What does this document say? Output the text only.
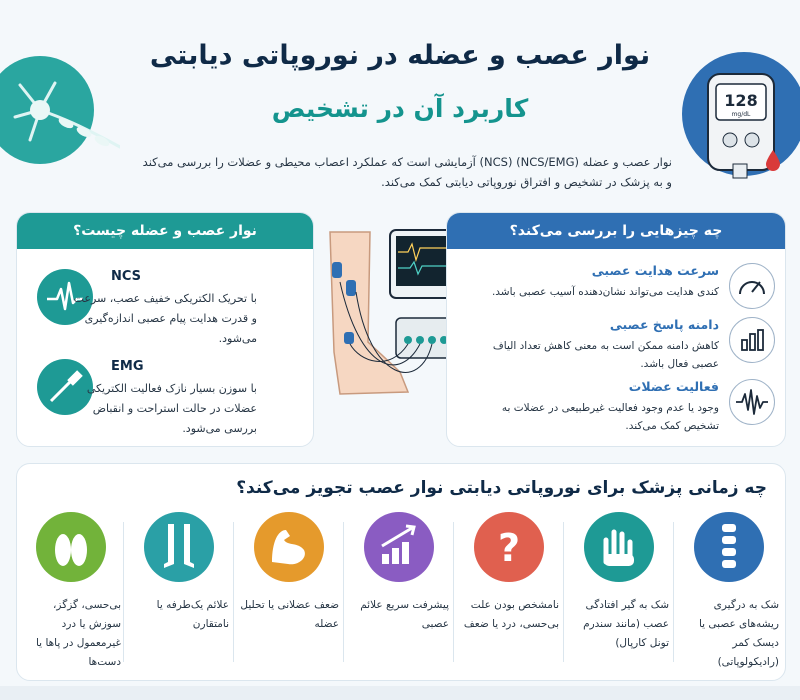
128
mg/dL
نوار عصب و عضله در نوروپاتی دیابتی
کاربرد آن در تشخیص
نوار عصب و عضله (NCS/EMG) (NCS) آزمایشی است که عملکرد اعصاب محیطی و عضلات را بررسی می‌کند
و به پزشک در تشخیص و افتراق نوروپاتی دیابتی کمک می‌کند.
نوار عصب و عضله چیست؟
NCS
با تحریک الکتریکی خفیف عصب، سرعت و قدرت هدایت پیام عصبی اندازه‌گیری می‌شود.
EMG
با سوزن بسیار نازک فعالیت الکتریکی عضلات در حالت استراحت و انقباض بررسی می‌شود.
چه چیزهایی را بررسی می‌کند؟
سرعت هدایت عصبی
کندی هدایت می‌تواند نشان‌دهنده آسیب عصبی باشد.
دامنه پاسخ عصبی
کاهش دامنه ممکن است به معنی کاهش تعداد الیاف عصبی فعال باشد.
فعالیت عضلات
وجود یا عدم وجود فعالیت غیرطبیعی در عضلات به تشخیص کمک می‌کند.
چه زمانی پزشک برای نوروپاتی دیابتی نوار عصب تجویز می‌کند؟
شک به درگیری ریشه‌های عصبی یا دیسک کمر (رادیکولوپاتی)
شک به گیر افتادگی عصب (مانند سندرم تونل کارپال)
?
نامشخص بودن علت بی‌حسی، درد یا ضعف
پیشرفت سریع علائم عصبی
ضعف عضلانی یا تحلیل عضله
علائم یک‌طرفه یا نامتقارن
بی‌حسی، گزگز، سوزش یا درد غیرمعمول در پاها یا دست‌ها
